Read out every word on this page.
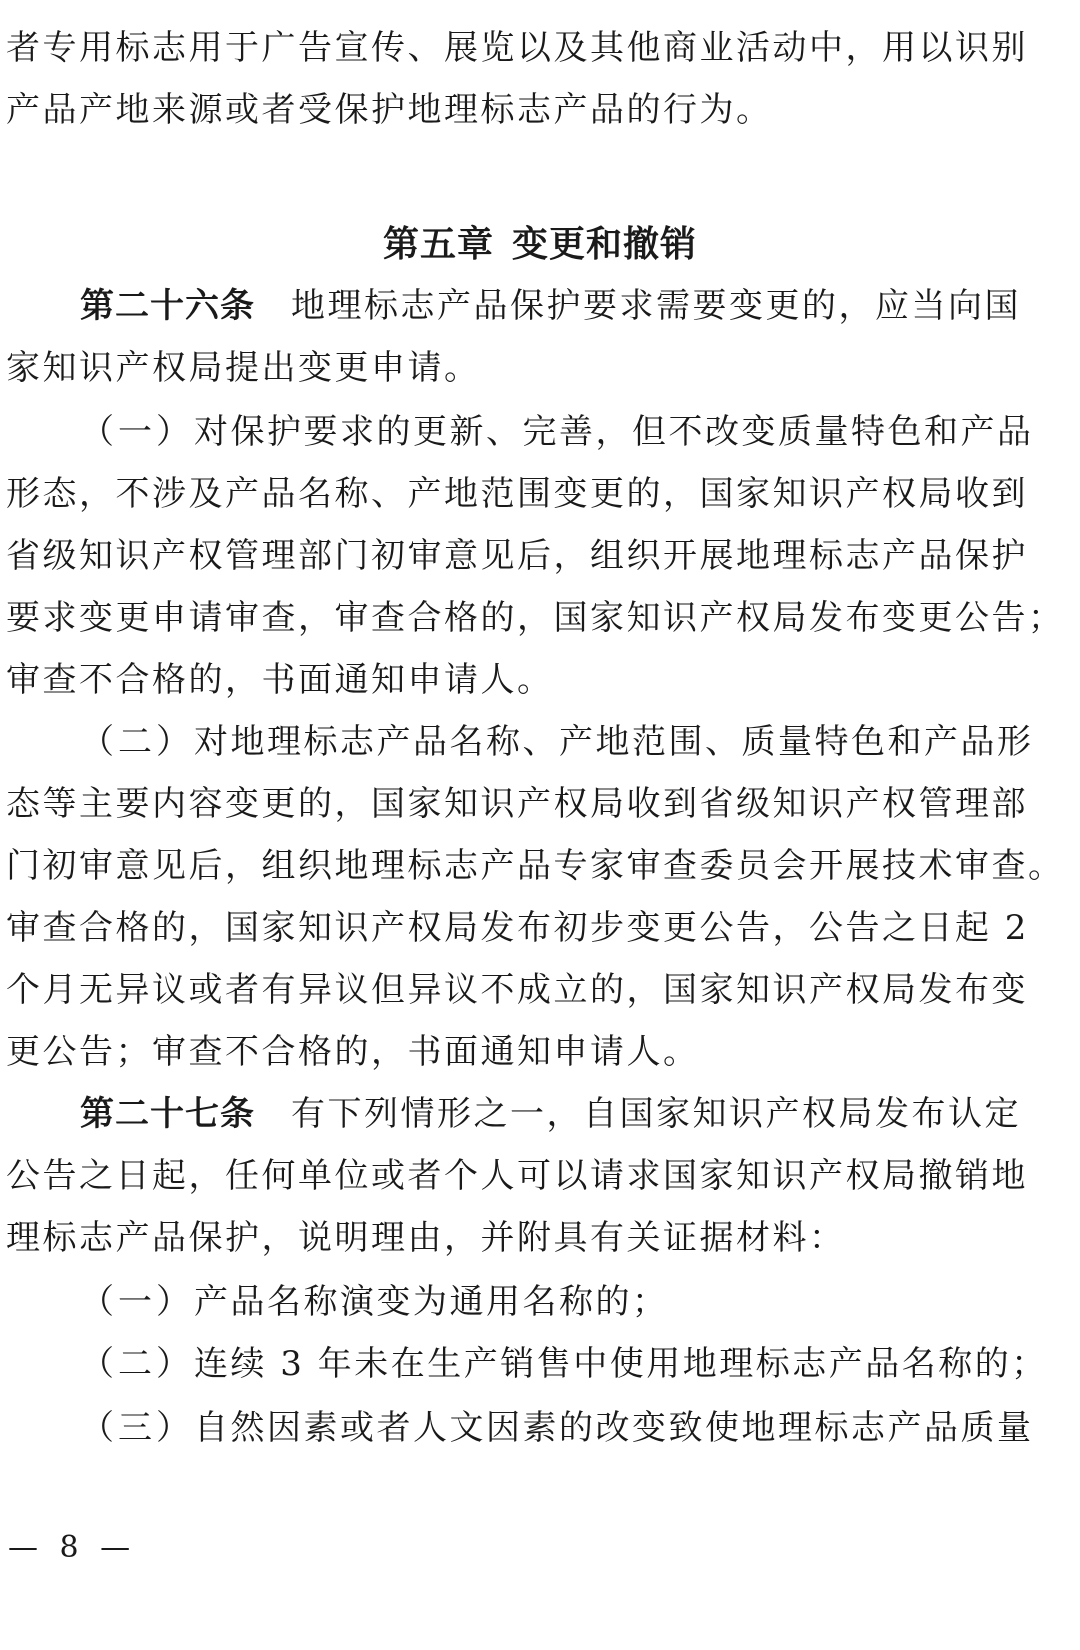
者专用标志用于广告宣传、展览以及其他商业活动中，用以识别
产品产地来源或者受保护地理标志产品的行为。
第五章 变更和撤销
第二十六条 地理标志产品保护要求需要变更的，应当向国
家知识产权局提出变更申请。
（一）对保护要求的更新、完善，但不改变质量特色和产品
形态，不涉及产品名称、产地范围变更的，国家知识产权局收到
省级知识产权管理部门初审意见后，组织开展地理标志产品保护
要求变更申请审查，审查合格的，国家知识产权局发布变更公告；
审查不合格的，书面通知申请人。
（二）对地理标志产品名称、产地范围、质量特色和产品形
态等主要内容变更的，国家知识产权局收到省级知识产权管理部
门初审意见后，组织地理标志产品专家审查委员会开展技术审查。
审查合格的，国家知识产权局发布初步变更公告，公告之日起 2
个月无异议或者有异议但异议不成立的，国家知识产权局发布变
更公告；审查不合格的，书面通知申请人。
第二十七条 有下列情形之一，自国家知识产权局发布认定
公告之日起，任何单位或者个人可以请求国家知识产权局撤销地
理标志产品保护，说明理由，并附具有关证据材料：
（一）产品名称演变为通用名称的；
（二）连续 3 年未在生产销售中使用地理标志产品名称的；
（三）自然因素或者人文因素的改变致使地理标志产品质量
— 8 —
